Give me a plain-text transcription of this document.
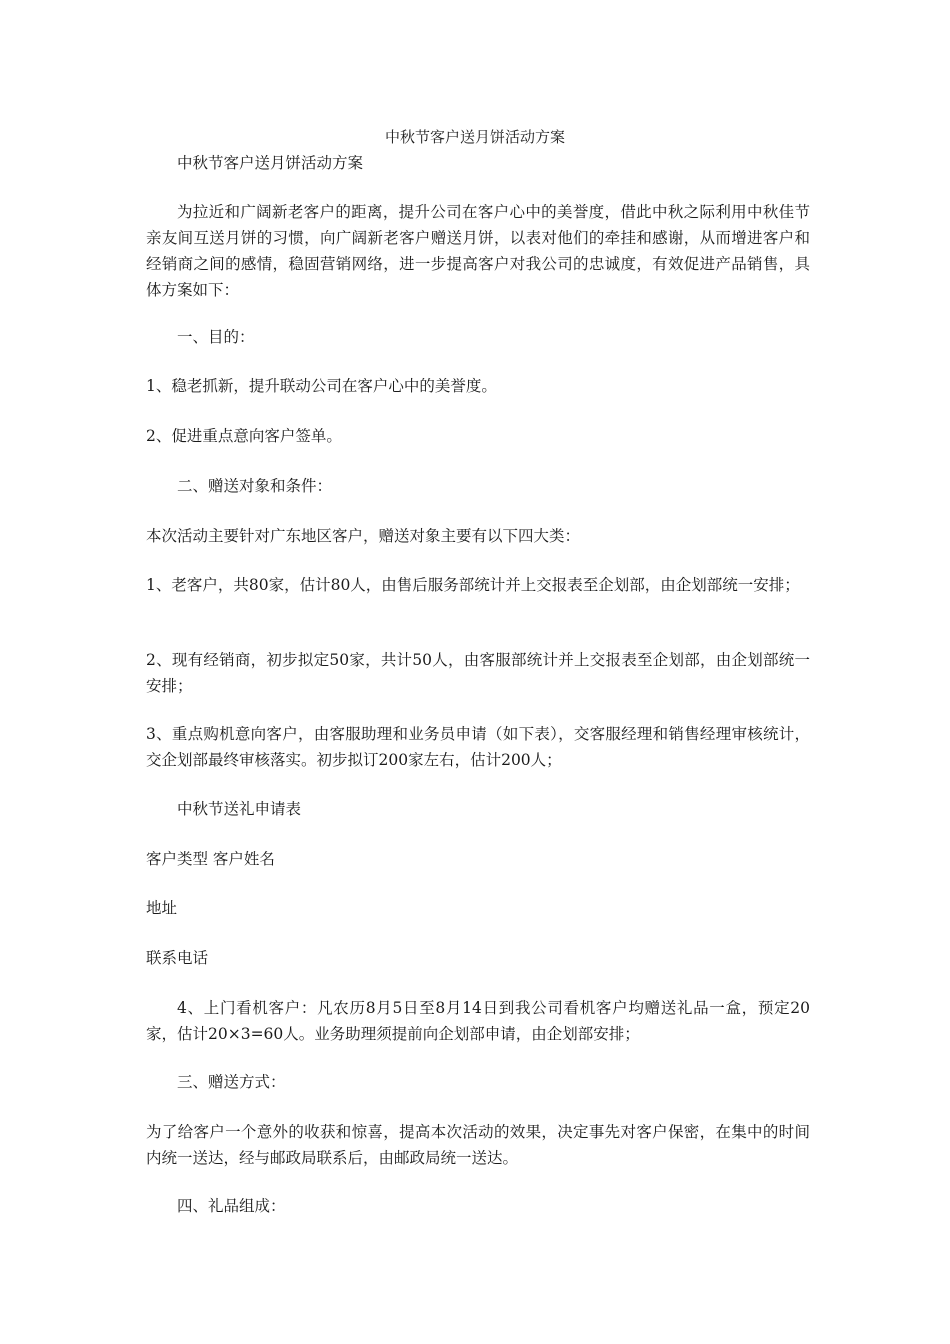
中秋节客户送月饼活动方案

中秋节客户送月饼活动方案

为拉近和广阔新老客户的距离，提升公司在客户心中的美誉度，借此中秋之际利用中秋佳节亲友间互送月饼的习惯，向广阔新老客户赠送月饼，以表对他们的牵挂和感谢，从而增进客户和经销商之间的感情，稳固营销网络，进一步提高客户对我公司的忠诚度，有效促进产品销售，具体方案如下：

一、目的：

1、稳老抓新，提升联动公司在客户心中的美誉度。

2、促进重点意向客户签单。

二、赠送对象和条件：

本次活动主要针对广东地区客户，赠送对象主要有以下四大类：

1、老客户，共80家，估计80人，由售后服务部统计并上交报表至企划部，由企划部统一安排；

2、现有经销商，初步拟定50家，共计50人，由客服部统计并上交报表至企划部，由企划部统一安排；

3、重点购机意向客户，由客服助理和业务员申请（如下表），交客服经理和销售经理审核统计，交企划部最终审核落实。初步拟订200家左右，估计200人；

中秋节送礼申请表

客户类型 客户姓名

地址

联系电话

4、上门看机客户：凡农历8月5日至8月14日到我公司看机客户均赠送礼品一盒，预定20家，估计20×3=60人。业务助理须提前向企划部申请，由企划部安排；

三、赠送方式：

为了给客户一个意外的收获和惊喜，提高本次活动的效果，决定事先对客户保密，在集中的时间内统一送达，经与邮政局联系后，由邮政局统一送达。

四、礼品组成：
